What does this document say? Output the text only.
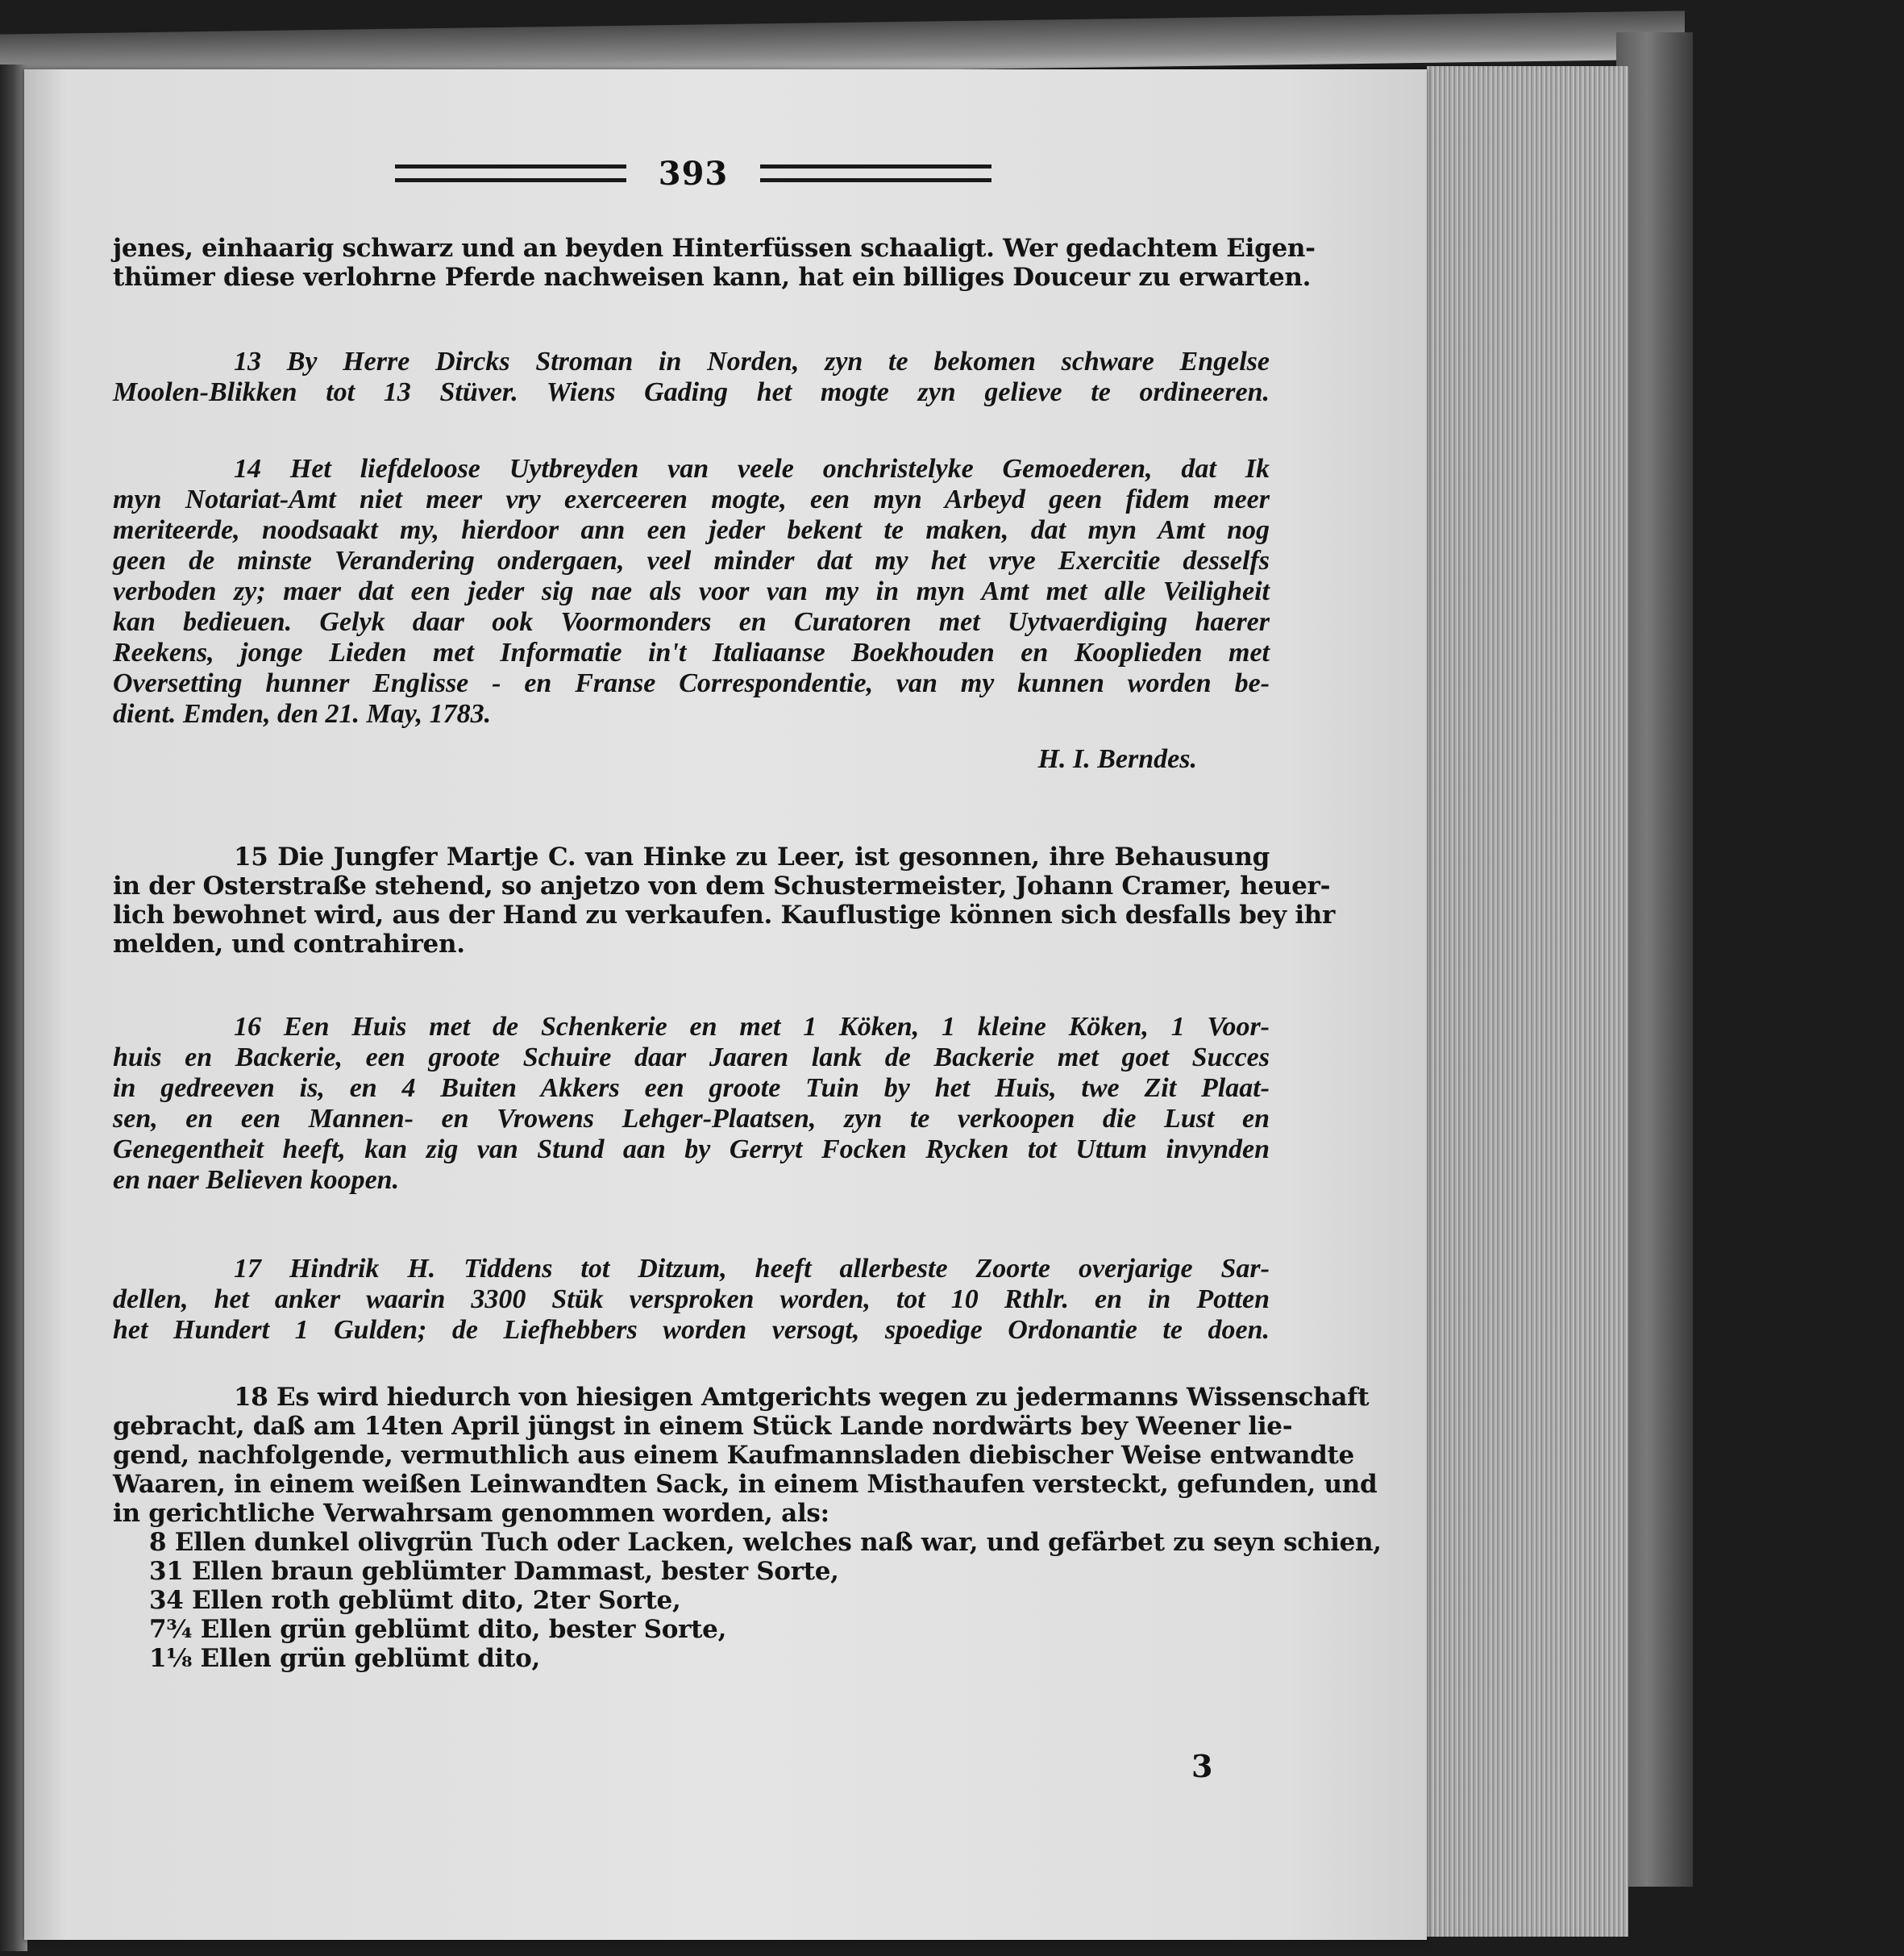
393
jenes, einhaarig schwarz und an beyden Hinterfüssen schaaligt. Wer gedachtem Eigen-
thümer diese verlohrne Pferde nachweisen kann, hat ein billiges Douceur zu erwarten.
13 By Herre Dircks Stroman in Norden, zyn te bekomen schware Engelse
Moolen-Blikken tot 13 Stüver. Wiens Gading het mogte zyn gelieve te ordineeren.
14 Het liefdeloose Uytbreyden van veele onchristelyke Gemoederen, dat Ik
myn Notariat-Amt niet meer vry exerceeren mogte, een myn Arbeyd geen fidem meer
meriteerde, noodsaakt my, hierdoor ann een jeder bekent te maken, dat myn Amt nog
geen de minste Verandering ondergaen, veel minder dat my het vrye Exercitie desselfs
verboden zy; maer dat een jeder sig nae als voor van my in myn Amt met alle Veiligheit
kan bedieuen. Gelyk daar ook Voormonders en Curatoren met Uytvaerdiging haerer
Reekens, jonge Lieden met Informatie in't Italiaanse Boekhouden en Kooplieden met
Oversetting hunner Englisse - en Franse Correspondentie, van my kunnen worden be-
dient. Emden, den 21. May, 1783.
H. I. Berndes.
15 Die Jungfer Martje C. van Hinke zu Leer, ist gesonnen, ihre Behausung
in der Osterstraße stehend, so anjetzo von dem Schustermeister, Johann Cramer, heuer-
lich bewohnet wird, aus der Hand zu verkaufen. Kauflustige können sich desfalls bey ihr
melden, und contrahiren.
16 Een Huis met de Schenkerie en met 1 Köken, 1 kleine Köken, 1 Voor-
huis en Backerie, een groote Schuire daar Jaaren lank de Backerie met goet Succes
in gedreeven is, en 4 Buiten Akkers een groote Tuin by het Huis, twe Zit Plaat-
sen, en een Mannen- en Vrowens Lehger-Plaatsen, zyn te verkoopen die Lust en
Genegentheit heeft, kan zig van Stund aan by Gerryt Focken Rycken tot Uttum invynden
en naer Believen koopen.
17 Hindrik H. Tiddens tot Ditzum, heeft allerbeste Zoorte overjarige Sar-
dellen, het anker waarin 3300 Stük versproken worden, tot 10 Rthlr. en in Potten
het Hundert 1 Gulden; de Liefhebbers worden versogt, spoedige Ordonantie te doen.
18 Es wird hiedurch von hiesigen Amtgerichts wegen zu jedermanns Wissenschaft
gebracht, daß am 14ten April jüngst in einem Stück Lande nordwärts bey Weener lie-
gend, nachfolgende, vermuthlich aus einem Kaufmannsladen diebischer Weise entwandte
Waaren, in einem weißen Leinwandten Sack, in einem Misthaufen versteckt, gefunden, und
in gerichtliche Verwahrsam genommen worden, als:
8 Ellen dunkel olivgrün Tuch oder Lacken, welches naß war, und gefärbet zu seyn schien,
31 Ellen braun geblümter Dammast, bester Sorte,
34 Ellen roth geblümt dito, 2ter Sorte,
7¾ Ellen grün geblümt dito, bester Sorte,
1⅛ Ellen grün geblümt dito,
3
